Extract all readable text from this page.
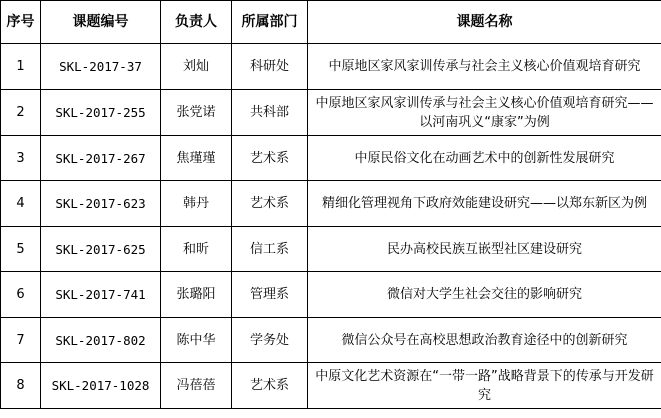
序号	课题编号	负责人	所属部门	课题名称
1	SKL-2017-37	刘灿	科研处	中原地区家风家训传承与社会主义核心价值观培育研究
2	SKL-2017-255	张党诺	共科部	中原地区家风家训传承与社会主义核心价值观培育研究——以河南巩义“康家”为例
3	SKL-2017-267	焦瑾瑾	艺术系	中原民俗文化在动画艺术中的创新性发展研究
4	SKL-2017-623	韩丹	艺术系	精细化管理视角下政府效能建设研究——以郑东新区为例
5	SKL-2017-625	和昕	信工系	民办高校民族互嵌型社区建设研究
6	SKL-2017-741	张璐阳	管理系	微信对大学生社会交往的影响研究
7	SKL-2017-802	陈中华	学务处	微信公众号在高校思想政治教育途径中的创新研究
8	SKL-2017-1028	冯蓓蓓	艺术系	中原文化艺术资源在“一带一路”战略背景下的传承与开发研究
